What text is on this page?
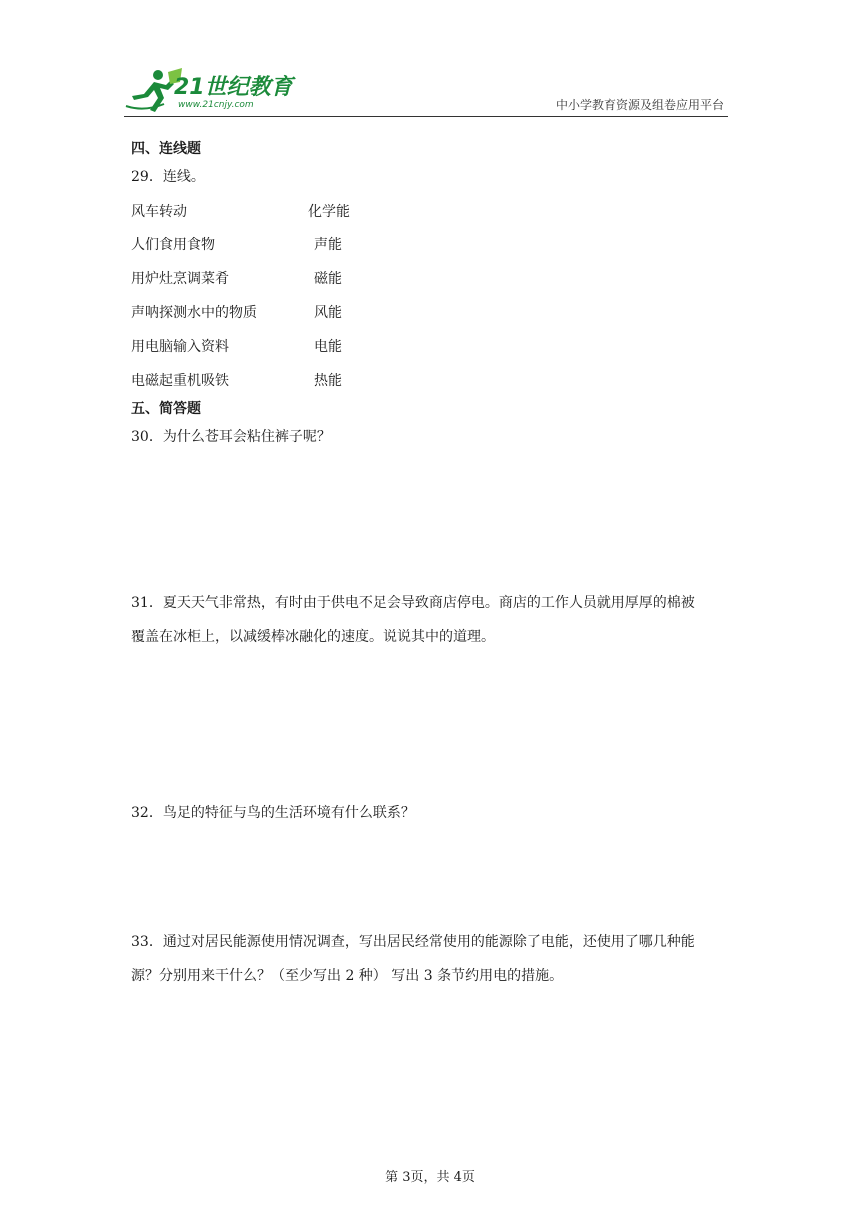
21世纪教育
www.21cnjy.com	中小学教育资源及组卷应用平台
四、连线题
29．连线。
风车转动	化学能
人们食用食物	声能
用炉灶烹调菜肴	磁能
声呐探测水中的物质	风能
用电脑输入资料	电能
电磁起重机吸铁	热能
五、简答题
30．为什么苍耳会粘住裤子呢？
31．夏天天气非常热，有时由于供电不足会导致商店停电。商店的工作人员就用厚厚的棉被
覆盖在冰柜上，以减缓棒冰融化的速度。说说其中的道理。
32．鸟足的特征与鸟的生活环境有什么联系？
33．通过对居民能源使用情况调查，写出居民经常使用的能源除了电能，还使用了哪几种能
源？分别用来干什么？（至少写出 2 种） 写出 3 条节约用电的措施。
第 3页，共 4页
